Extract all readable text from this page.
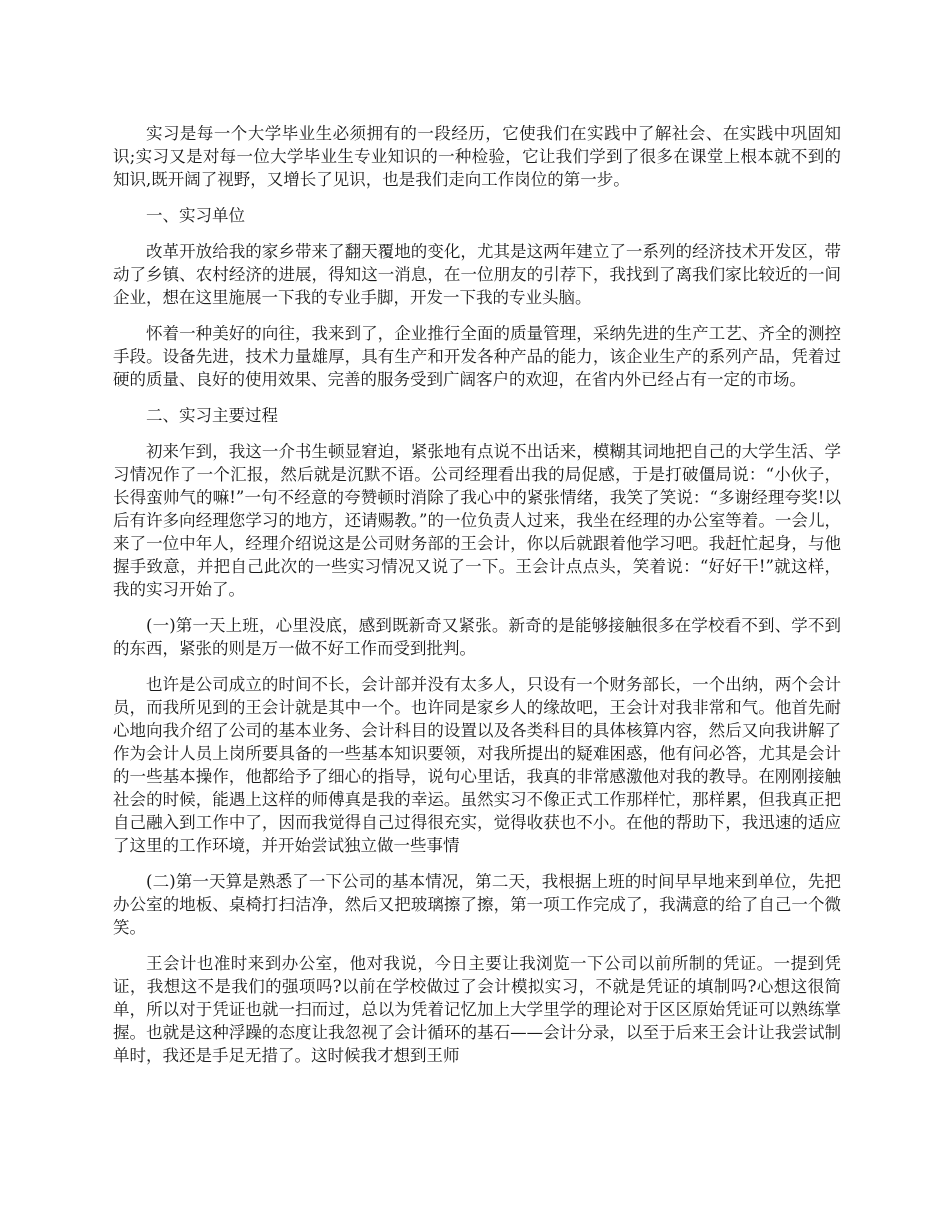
实习是每一个大学毕业生必须拥有的一段经历，它使我们在实践中了解社会、在实践中巩固知识;实习又是对每一位大学毕业生专业知识的一种检验，它让我们学到了很多在课堂上根本就不到的知识,既开阔了视野，又增长了见识，也是我们走向工作岗位的第一步。

一、实习单位

改革开放给我的家乡带来了翻天覆地的变化，尤其是这两年建立了一系列的经济技术开发区，带动了乡镇、农村经济的进展，得知这一消息，在一位朋友的引荐下，我找到了离我们家比较近的一间企业，想在这里施展一下我的专业手脚，开发一下我的专业头脑。

怀着一种美好的向往，我来到了，企业推行全面的质量管理，采纳先进的生产工艺、齐全的测控手段。设备先进，技术力量雄厚，具有生产和开发各种产品的能力，该企业生产的系列产品，凭着过硬的质量、良好的使用效果、完善的服务受到广阔客户的欢迎，在省内外已经占有一定的市场。

二、实习主要过程

初来乍到，我这一介书生顿显窘迫，紧张地有点说不出话来，模糊其词地把自己的大学生活、学习情况作了一个汇报，然后就是沉默不语。公司经理看出我的局促感，于是打破僵局说：“小伙子，长得蛮帅气的嘛!”一句不经意的夸赞顿时消除了我心中的紧张情绪，我笑了笑说：“多谢经理夸奖!以后有许多向经理您学习的地方，还请赐教。”的一位负责人过来，我坐在经理的办公室等着。一会儿，来了一位中年人，经理介绍说这是公司财务部的王会计，你以后就跟着他学习吧。我赶忙起身，与他握手致意，并把自己此次的一些实习情况又说了一下。王会计点点头，笑着说：“好好干!”就这样，我的实习开始了。

(一)第一天上班，心里没底，感到既新奇又紧张。新奇的是能够接触很多在学校看不到、学不到的东西，紧张的则是万一做不好工作而受到批判。

也许是公司成立的时间不长，会计部并没有太多人，只设有一个财务部长，一个出纳，两个会计员，而我所见到的王会计就是其中一个。也许同是家乡人的缘故吧，王会计对我非常和气。他首先耐心地向我介绍了公司的基本业务、会计科目的设置以及各类科目的具体核算内容，然后又向我讲解了作为会计人员上岗所要具备的一些基本知识要领，对我所提出的疑难困惑，他有问必答，尤其是会计的一些基本操作，他都给予了细心的指导，说句心里话，我真的非常感激他对我的教导。在刚刚接触社会的时候，能遇上这样的师傅真是我的幸运。虽然实习不像正式工作那样忙，那样累，但我真正把自己融入到工作中了，因而我觉得自己过得很充实，觉得收获也不小。在他的帮助下，我迅速的适应了这里的工作环境，并开始尝试独立做一些事情

(二)第一天算是熟悉了一下公司的基本情况，第二天，我根据上班的时间早早地来到单位，先把办公室的地板、桌椅打扫洁净，然后又把玻璃擦了擦，第一项工作完成了，我满意的给了自己一个微笑。

王会计也准时来到办公室，他对我说，今日主要让我浏览一下公司以前所制的凭证。一提到凭证，我想这不是我们的强项吗?以前在学校做过了会计模拟实习，不就是凭证的填制吗?心想这很简单，所以对于凭证也就一扫而过，总以为凭着记忆加上大学里学的理论对于区区原始凭证可以熟练掌握。也就是这种浮躁的态度让我忽视了会计循环的基石——会计分录，以至于后来王会计让我尝试制单时，我还是手足无措了。这时候我才想到王师
